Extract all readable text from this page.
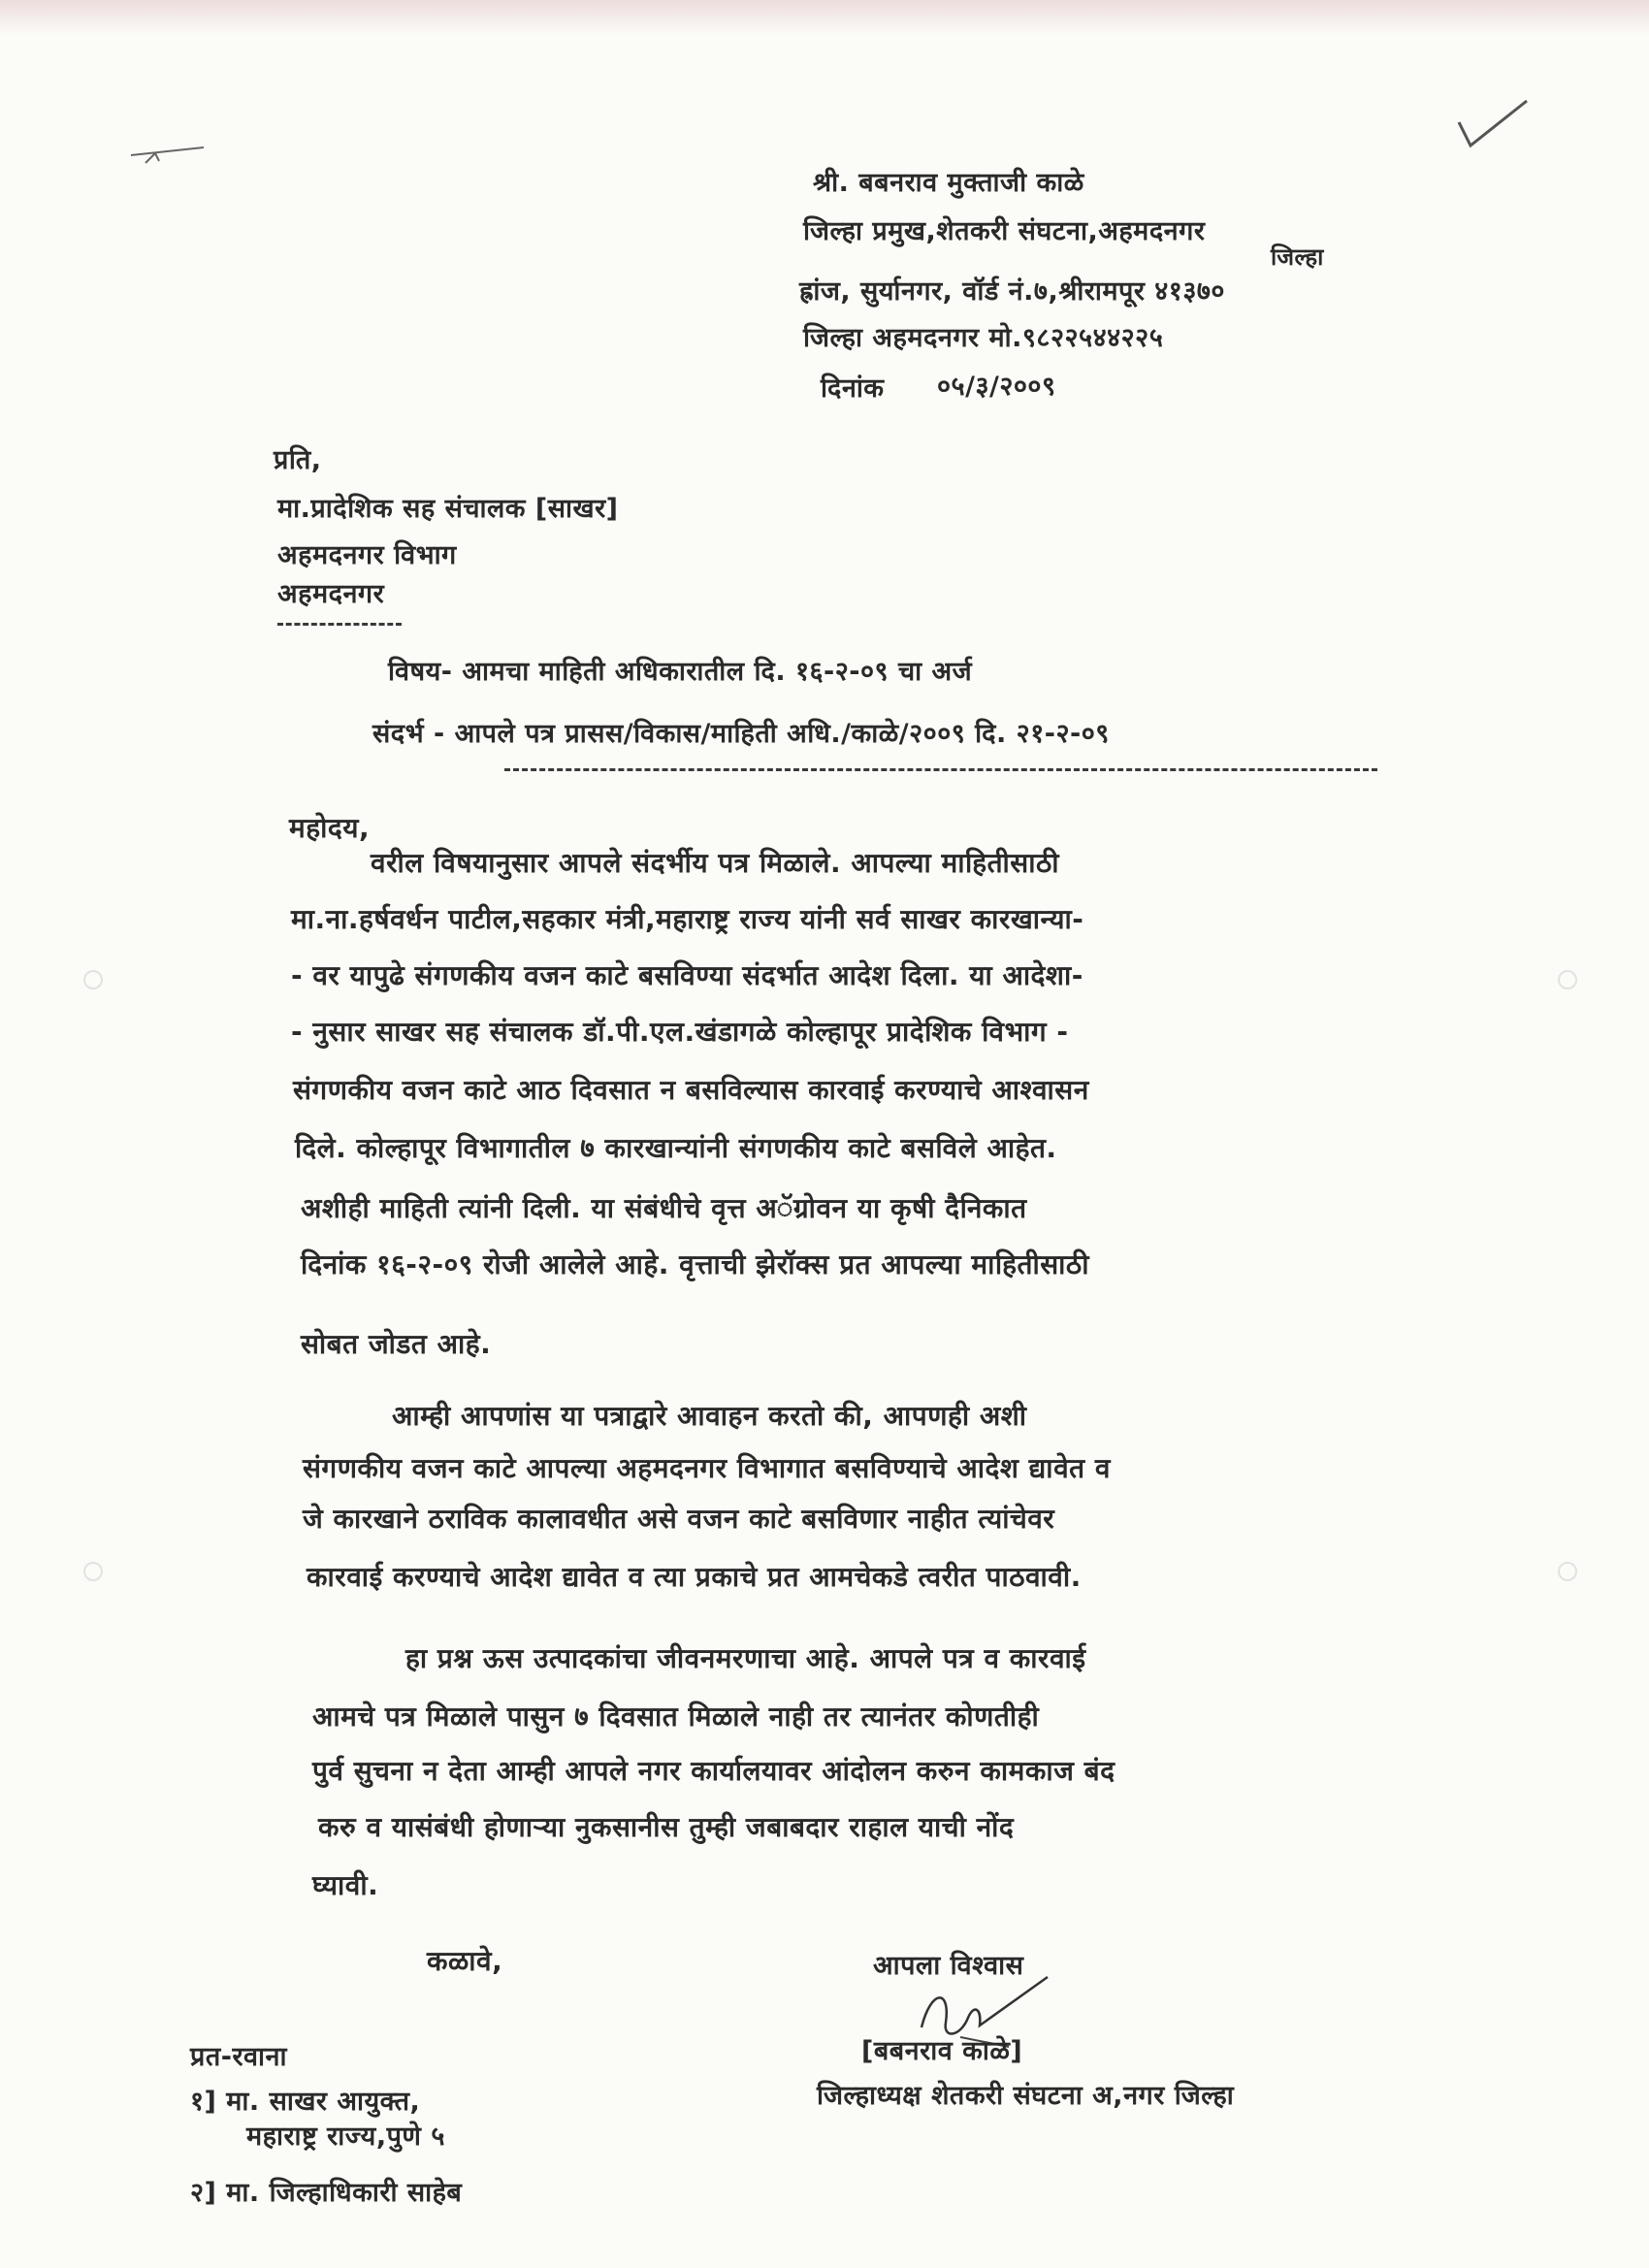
श्री. बबनराव मुक्ताजी काळे
जिल्हा प्रमुख,शेतकरी संघटना,अहमदनगर
जिल्हा
ह्रांज, सुर्यानगर, वॉर्ड नं.७,श्रीरामपूर ४१३७०
जिल्हा अहमदनगर मो.९८२२५४४२२५
दिनांक ०५/३/२००९
प्रति,
मा.प्रादेशिक सह संचालक [साखर]
अहमदनगर विभाग
अहमदनगर
विषय- आमचा माहिती अधिकारातील दि. १६-२-०९ चा अर्ज
संदर्भ - आपले पत्र प्रासस/विकास/माहिती अधि./काळे/२००९ दि. २१-२-०९
महोदय,
वरील विषयानुसार आपले संदर्भीय पत्र मिळाले. आपल्या माहितीसाठी
मा.ना.हर्षवर्धन पाटील,सहकार मंत्री,महाराष्ट्र राज्य यांनी सर्व साखर कारखान्या-
- वर यापुढे संगणकीय वजन काटे बसविण्या संदर्भात आदेश दिला. या आदेशा-
- नुसार साखर सह संचालक डॉ.पी.एल.खंडागळे कोल्हापूर प्रादेशिक विभाग -
संगणकीय वजन काटे आठ दिवसात न बसविल्यास कारवाई करण्याचे आश्वासन
दिले. कोल्हापूर विभागातील ७ कारखान्यांनी संगणकीय काटे बसविले आहेत.
अशीही माहिती त्यांनी दिली. या संबंधीचे वृत्त अॅग्रोवन या कृषी दैनिकात
दिनांक १६-२-०९ रोजी आलेले आहे. वृत्ताची झेरॉक्स प्रत आपल्या माहितीसाठी
सोबत जोडत आहे.
आम्ही आपणांस या पत्राद्वारे आवाहन करतो की, आपणही अशी
संगणकीय वजन काटे आपल्या अहमदनगर विभागात बसविण्याचे आदेश द्यावेत व
जे कारखाने ठराविक कालावधीत असे वजन काटे बसविणार नाहीत त्यांचेवर
कारवाई करण्याचे आदेश द्यावेत व त्या प्रकाचे प्रत आमचेकडे त्वरीत पाठवावी.
हा प्रश्न ऊस उत्पादकांचा जीवनमरणाचा आहे. आपले पत्र व कारवाई
आमचे पत्र मिळाले पासुन ७ दिवसात मिळाले नाही तर त्यानंतर कोणतीही
पुर्व सुचना न देता आम्ही आपले नगर कार्यालयावर आंदोलन करुन कामकाज बंद
करु व यासंबंधी होणाऱ्या नुकसानीस तुम्ही जबाबदार राहाल याची नोंद
घ्यावी.
कळावे,	आपला विश्वास
[बबनराव काळे]
जिल्हाध्यक्ष शेतकरी संघटना अ,नगर जिल्हा
प्रत-रवाना
१] मा. साखर आयुक्त,
महाराष्ट्र राज्य,पुणे ५
२] मा. जिल्हाधिकारी साहेब
